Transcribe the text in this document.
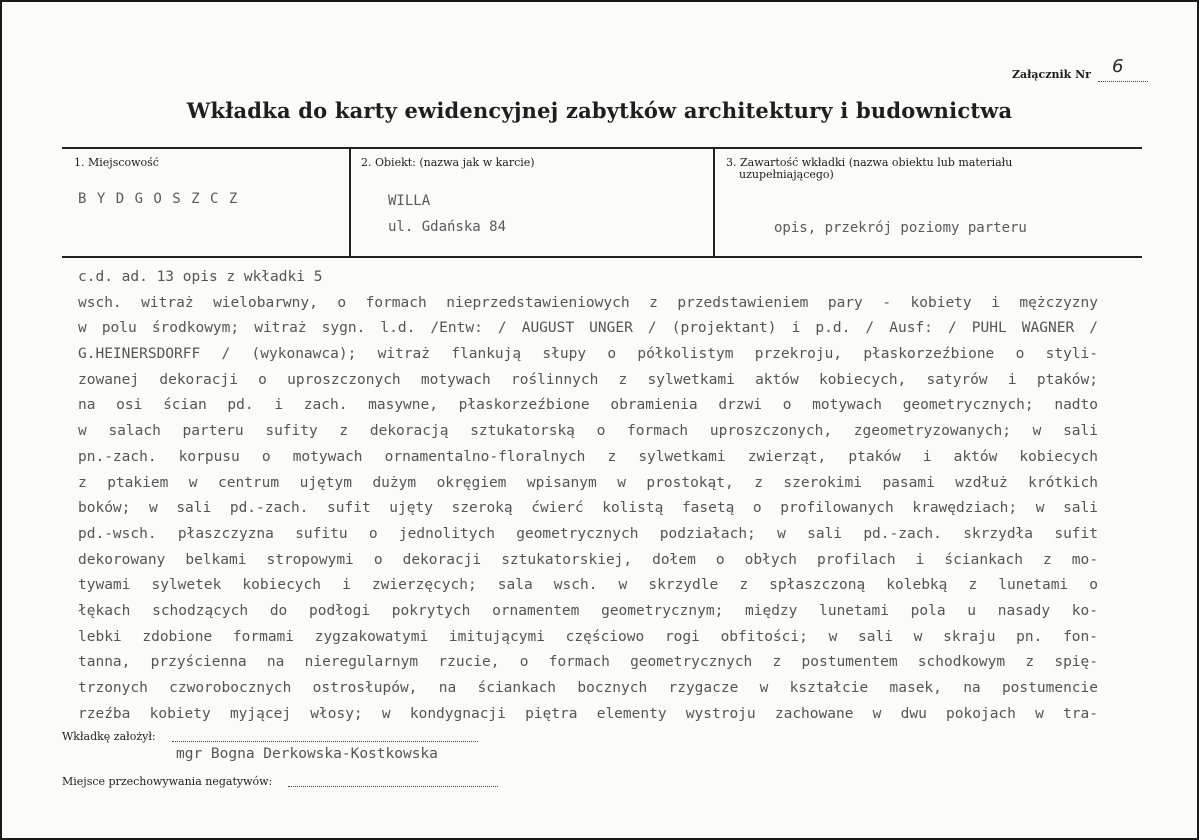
Załącznik Nr 6
Wkładka do karty ewidencyjnej zabytków architektury i budownictwa
1. Miejscowość
B Y D G O S Z C Z
2. Obiekt: (nazwa jak w karcie)
WILLA
ul. Gdańska 84
3. Zawartość wkładki (nazwa obiektu lub materiału
uzupełniającego)
opis, przekrój poziomy parteru
c.d. ad. 13 opis z wkładki 5
wsch. witraż wielobarwny, o formach nieprzedstawieniowych z przedstawieniem pary - kobiety i mężczyzny
w polu środkowym; witraż sygn. l.d. /Entw: / AUGUST UNGER / (projektant) i p.d. / Ausf: / PUHL WAGNER /
G.HEINERSDORFF / (wykonawca); witraż flankują słupy o półkolistym przekroju, płaskorzeźbione o styli-
zowanej dekoracji o uproszczonych motywach roślinnych z sylwetkami aktów kobiecych, satyrów i ptaków;
na osi ścian pd. i zach. masywne, płaskorzeźbione obramienia drzwi o motywach geometrycznych; nadto
w salach parteru sufity z dekoracją sztukatorską o formach uproszczonych, zgeometryzowanych; w sali
pn.-zach. korpusu o motywach ornamentalno-floralnych z sylwetkami zwierząt, ptaków i aktów kobiecych
z ptakiem w centrum ujętym dużym okręgiem wpisanym w prostokąt, z szerokimi pasami wzdłuż krótkich
boków; w sali pd.-zach. sufit ujęty szeroką ćwierć kolistą fasetą o profilowanych krawędziach; w sali
pd.-wsch. płaszczyzna sufitu o jednolitych geometrycznych podziałach; w sali pd.-zach. skrzydła sufit
dekorowany belkami stropowymi o dekoracji sztukatorskiej, dołem o obłych profilach i ściankach z mo-
tywami sylwetek kobiecych i zwierzęcych; sala wsch. w skrzydle z spłaszczoną kolebką z lunetami o
łękach schodzących do podłogi pokrytych ornamentem geometrycznym; między lunetami pola u nasady ko-
lebki zdobione formami zygzakowatymi imitującymi częściowo rogi obfitości; w sali w skraju pn. fon-
tanna, przyścienna na nieregularnym rzucie, o formach geometrycznych z postumentem schodkowym z spię-
trzonych czworobocznych ostrosłupów, na ściankach bocznych rzygacze w kształcie masek, na postumencie
rzeźba kobiety myjącej włosy; w kondygnacji piętra elementy wystroju zachowane w dwu pokojach w tra-
Wkładkę założył:
mgr Bogna Derkowska-Kostkowska
Miejsce przechowywania negatywów:
